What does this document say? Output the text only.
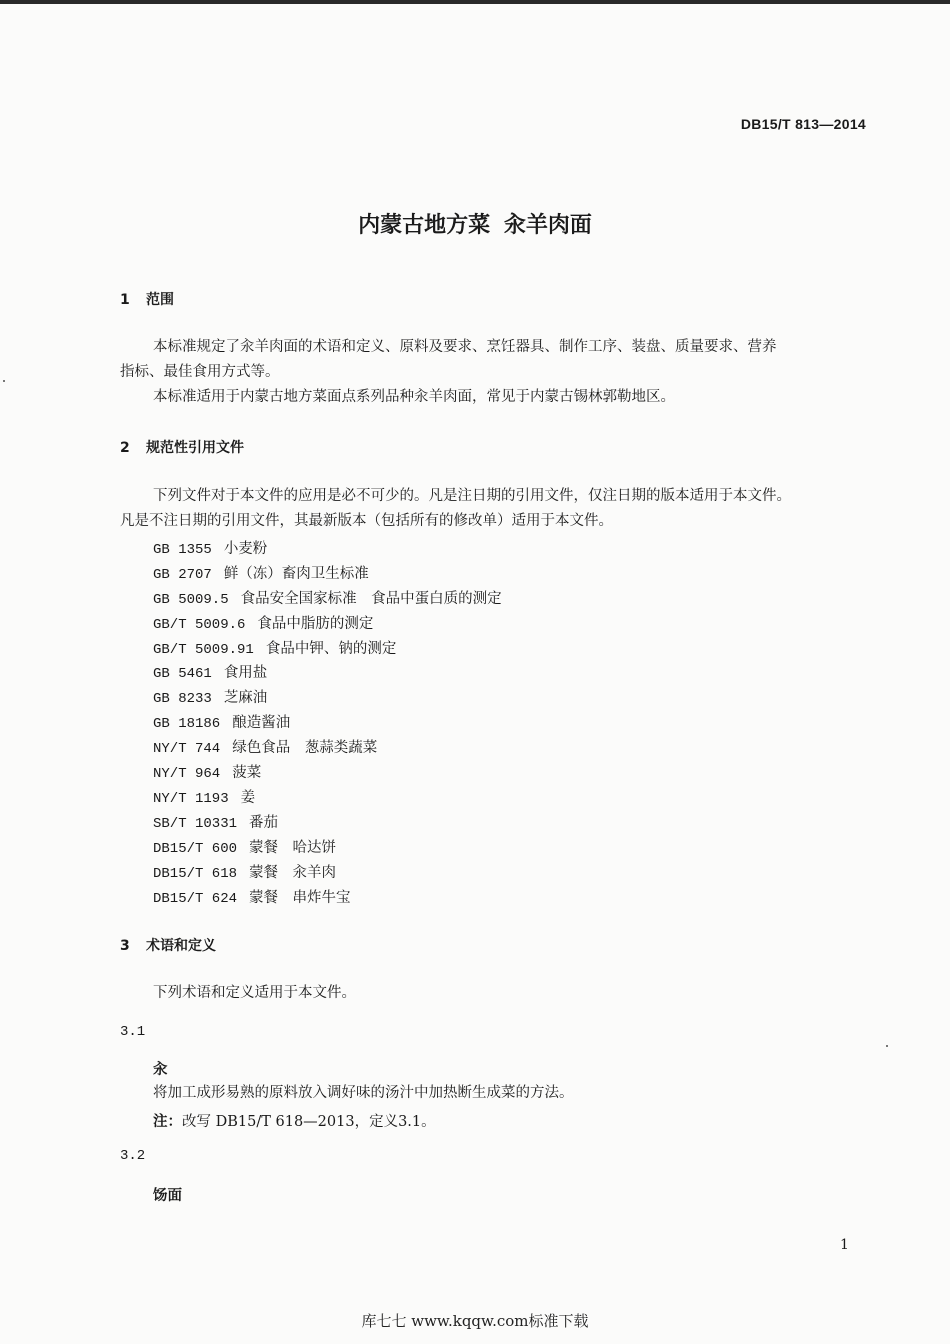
DB15/T 813—2014
内蒙古地方菜 汆羊肉面
1 范围
本标准规定了汆羊肉面的术语和定义、原料及要求、烹饪器具、制作工序、装盘、质量要求、营养
指标、最佳食用方式等。
本标准适用于内蒙古地方菜面点系列品种汆羊肉面，常见于内蒙古锡林郭勒地区。
2 规范性引用文件
下列文件对于本文件的应用是必不可少的。凡是注日期的引用文件，仅注日期的版本适用于本文件。
凡是不注日期的引用文件，其最新版本（包括所有的修改单）适用于本文件。
GB 1355 小麦粉
GB 2707 鲜（冻）畜肉卫生标准
GB 5009.5 食品安全国家标准　食品中蛋白质的测定
GB/T 5009.6 食品中脂肪的测定
GB/T 5009.91 食品中钾、钠的测定
GB 5461 食用盐
GB 8233 芝麻油
GB 18186 酿造酱油
NY/T 744 绿色食品　葱蒜类蔬菜
NY/T 964 菠菜
NY/T 1193 姜
SB/T 10331 番茄
DB15/T 600 蒙餐　哈达饼
DB15/T 618 蒙餐　汆羊肉
DB15/T 624 蒙餐　串炸牛宝
3 术语和定义
下列术语和定义适用于本文件。
3.1
汆
将加工成形易熟的原料放入调好味的汤汁中加热断生成菜的方法。
注：改写 DB15/T 618—2013，定义3.1。
3.2
饧面
1
库七七 www.kqqw.com标准下载
